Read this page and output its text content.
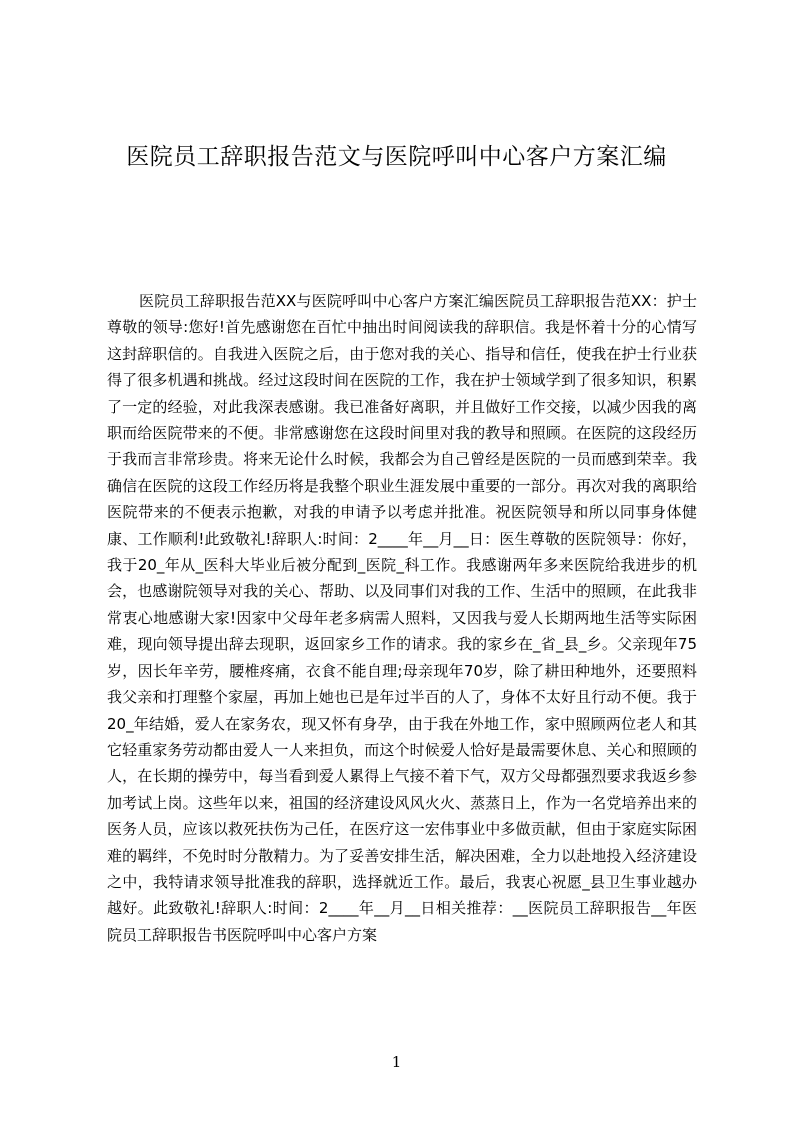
医院员工辞职报告范文与医院呼叫中心客户方案汇编

医院员工辞职报告范XX与医院呼叫中心客户方案汇编医院员工辞职报告范XX：护士尊敬的领导:您好!首先感谢您在百忙中抽出时间阅读我的辞职信。我是怀着十分的心情写这封辞职信的。自我进入医院之后，由于您对我的关心、指导和信任，使我在护士行业获得了很多机遇和挑战。经过这段时间在医院的工作，我在护士领域学到了很多知识，积累了一定的经验，对此我深表感谢。我已准备好离职，并且做好工作交接，以减少因我的离职而给医院带来的不便。非常感谢您在这段时间里对我的教导和照顾。在医院的这段经历于我而言非常珍贵。将来无论什么时候，我都会为自己曾经是医院的一员而感到荣幸。我确信在医院的这段工作经历将是我整个职业生涯发展中重要的一部分。再次对我的离职给医院带来的不便表示抱歉，对我的申请予以考虑并批准。祝医院领导和所以同事身体健康、工作顺利!此致敬礼!辞职人:时间：2____年__月__日：医生尊敬的医院领导：你好，我于20_年从_医科大毕业后被分配到_医院_科工作。我感谢两年多来医院给我进步的机会，也感谢院领导对我的关心、帮助、以及同事们对我的工作、生活中的照顾，在此我非常衷心地感谢大家!因家中父母年老多病需人照料，又因我与爱人长期两地生活等实际困难，现向领导提出辞去现职，返回家乡工作的请求。我的家乡在_省_县_乡。父亲现年75岁，因长年辛劳，腰椎疼痛，衣食不能自理;母亲现年70岁，除了耕田种地外，还要照料我父亲和打理整个家屋，再加上她也已是年过半百的人了，身体不太好且行动不便。我于20_年结婚，爱人在家务农，现又怀有身孕，由于我在外地工作，家中照顾两位老人和其它轻重家务劳动都由爱人一人来担负，而这个时候爱人恰好是最需要休息、关心和照顾的人，在长期的操劳中，每当看到爱人累得上气接不着下气，双方父母都强烈要求我返乡参加考试上岗。这些年以来，祖国的经济建设风风火火、蒸蒸日上，作为一名党培养出来的医务人员，应该以救死扶伤为己任，在医疗这一宏伟事业中多做贡献，但由于家庭实际困难的羁绊，不免时时分散精力。为了妥善安排生活，解决困难，全力以赴地投入经济建设之中，我特请求领导批准我的辞职，选择就近工作。最后，我衷心祝愿_县卫生事业越办越好。此致敬礼!辞职人:时间：2____年__月__日相关推荐：__医院员工辞职报告__年医院员工辞职报告书医院呼叫中心客户方案

1
